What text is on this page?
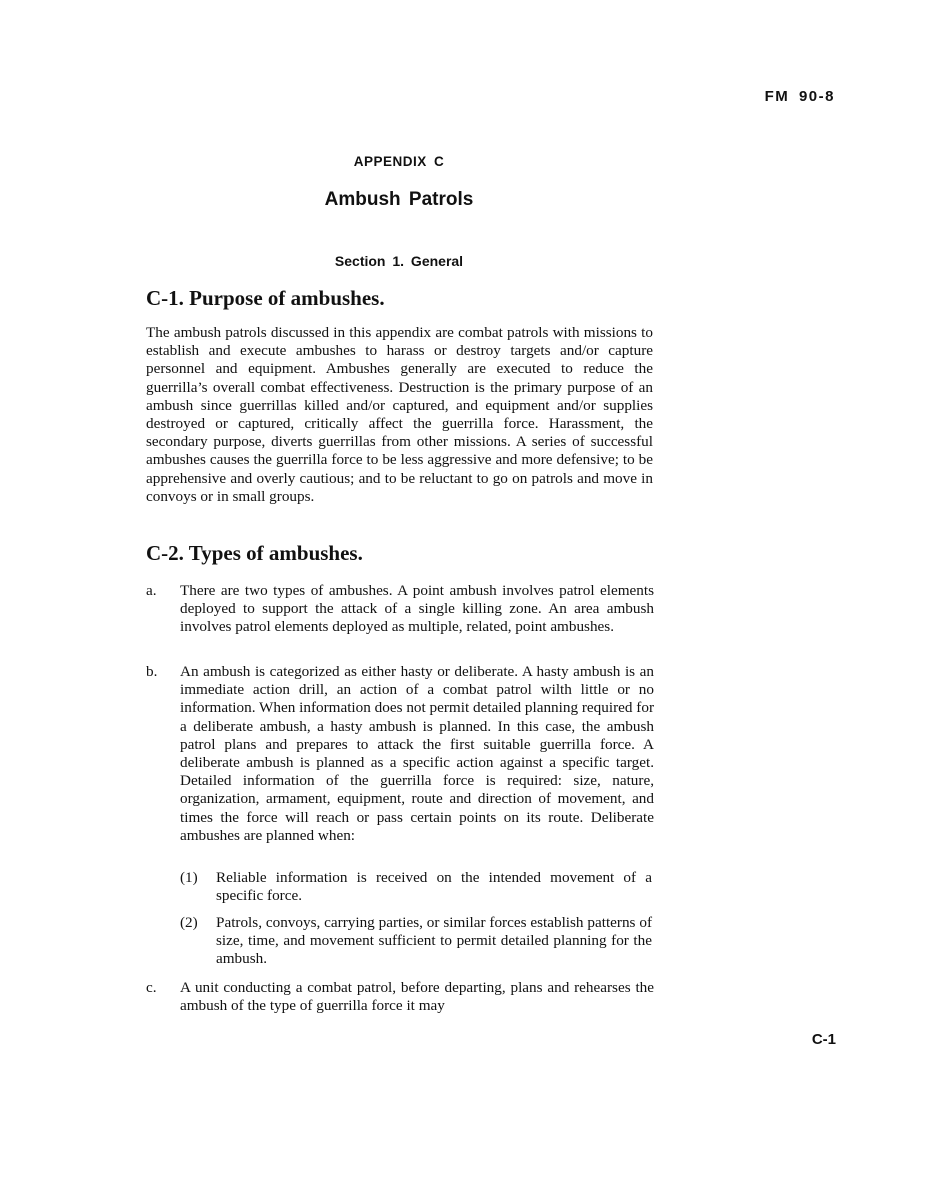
FM 90-8
APPENDIX C
Ambush Patrols
Section 1. General
C-1. Purpose of ambushes.
The ambush patrols discussed in this appendix are combat patrols with missions to establish and execute ambushes to harass or destroy targets and/or capture personnel and equipment. Ambushes generally are executed to reduce the guerrilla’s overall combat effectiveness. Destruction is the primary purpose of an ambush since guerrillas killed and/or captured, and equipment and/or supplies destroyed or captured, critically affect the guerrilla force. Harassment, the secondary purpose, diverts guerrillas from other missions. A series of successful ambushes causes the guerrilla force to be less aggressive and more defensive; to be apprehensive and overly cautious; and to be reluctant to go on patrols and move in convoys or in small groups.
C-2. Types of ambushes.
a. There are two types of ambushes. A point ambush involves patrol elements deployed to support the attack of a single killing zone. An area ambush involves patrol elements deployed as multiple, related, point ambushes.
b. An ambush is categorized as either hasty or deliberate. A hasty ambush is an immediate action drill, an action of a combat patrol wilth little or no information. When information does not permit detailed planning required for a deliberate ambush, a hasty ambush is planned. In this case, the ambush patrol plans and prepares to attack the first suitable guerrilla force. A deliberate ambush is planned as a specific action against a specific target. Detailed information of the guerrilla force is required: size, nature, organization, armament, equipment, route and direction of movement, and times the force will reach or pass certain points on its route. Deliberate ambushes are planned when:
(1) Reliable information is received on the intended movement of a specific force.
(2) Patrols, convoys, carrying parties, or similar forces establish patterns of size, time, and movement sufficient to permit detailed planning for the ambush.
c. A unit conducting a combat patrol, before departing, plans and rehearses the ambush of the type of guerrilla force it may
C-1
